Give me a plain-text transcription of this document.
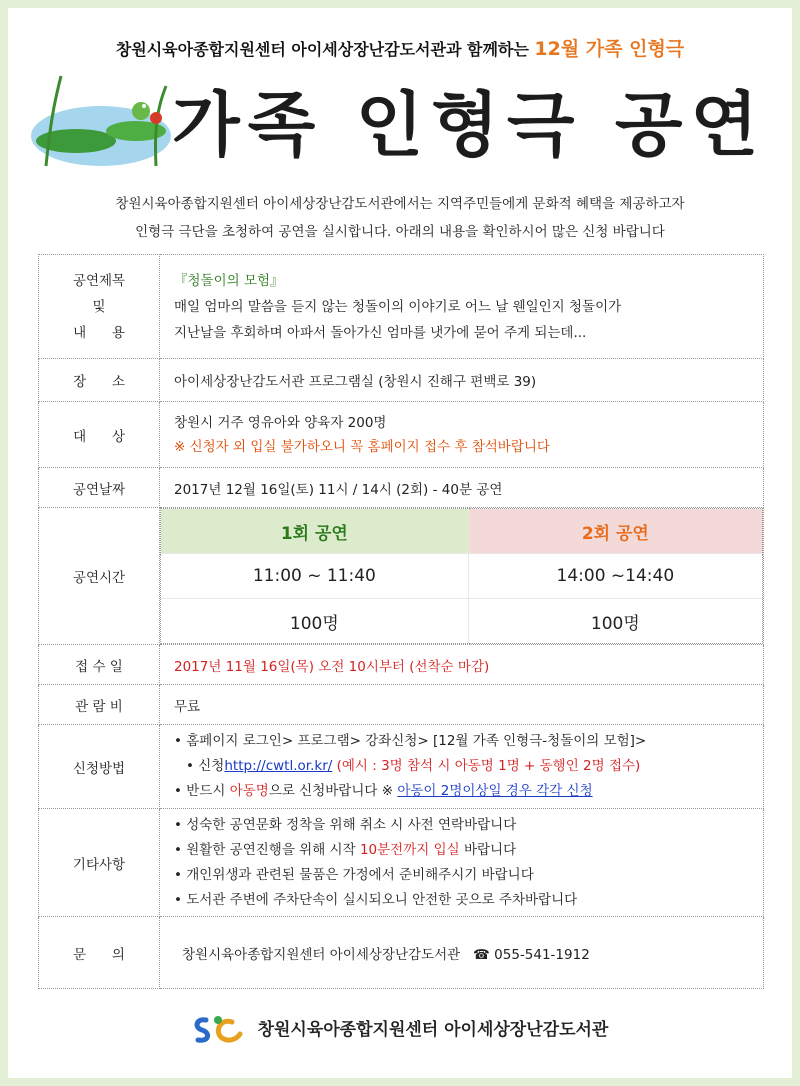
창원시육아종합지원센터 아이세상장난감도서관과 함께하는 12월 가족 인형극
가족 인형극 공연
창원시육아종합지원센터 아이세상장난감도서관에서는 지역주민들에게 문화적 혜택을 제공하고자
인형극 극단을 초청하여 공연을 실시합니다. 아래의 내용을 확인하시어 많은 신청 바랍니다
공연제목
및
내      용

『청돌이의 모험』
매일 엄마의 말씀을 듣지 않는 청돌이의 이야기로 어느 날 웬일인지 청돌이가
지난날을 후회하며 아파서 돌아가신 엄마를 냇가에 묻어 주게 되는데...

장      소	아이세상장난감도서관 프로그램실 (창원시 진해구 편백로 39)
대      상	
창원시 거주 영유아와 양육자 200명
※ 신청자 외 입실 불가하오니 꼭 홈페이지 접수 후 참석바랍니다

공연날짜	2017년 12월 16일(토) 11시 / 14시 (2회) - 40분 공연
공연시간	
1회 공연	2회 공연
11:00 ~ 11:40	14:00 ~14:40
100명	100명

접 수 일	2017년 11월 16일(목) 오전 10시부터 (선착순 마감)
관 람 비	무료
신청방법	
• 홈페이지 로그인> 프로그램> 강좌신청> [12월 가족 인형극-청돌이의 모험]>
• 신청http://cwtl.or.kr/ (예시 : 3명 참석 시 아동명 1명 + 동행인 2명 접수)
• 반드시 아동명으로 신청바랍니다 ※ 아동이 2명이상일 경우 각각 신청

기타사항	
• 성숙한 공연문화 정착을 위해 취소 시 사전 연락바랍니다
• 원활한 공연진행을 위해 시작 10분전까지 입실 바랍니다
• 개인위생과 관련된 물품은 가정에서 준비해주시기 바랍니다
• 도서관 주변에 주차단속이 실시되오니 안전한 곳으로 주차바랍니다

문      의	창원시육아종합지원센터 아이세상장난감도서관 ☎ 055-541-1912
창원시육아종합지원센터 아이세상장난감도서관
